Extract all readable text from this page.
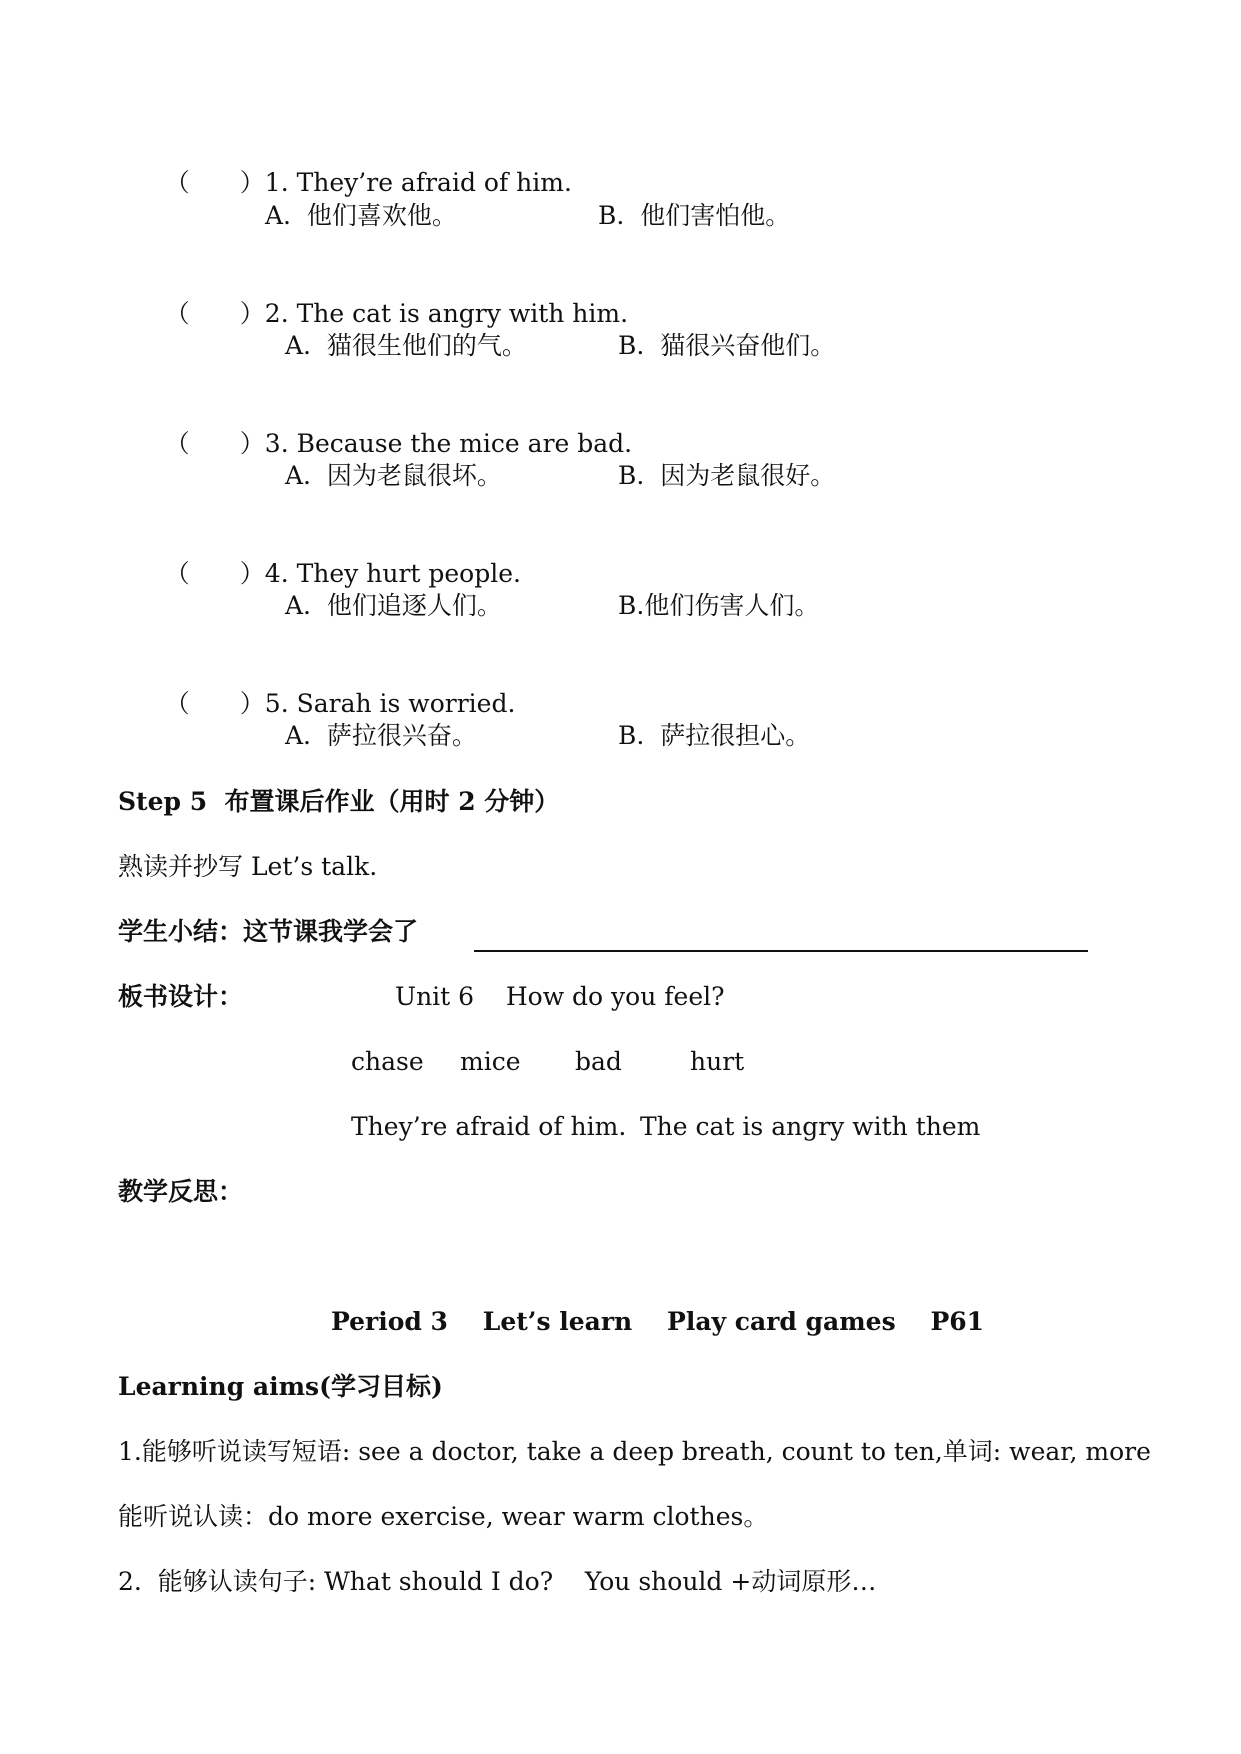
（　　）1. They’re afraid of him.

A.  他们喜欢他。	B.  他们害怕他。

（　　）2. The cat is angry with him.

A.  猫很生他们的气。	B.  猫很兴奋他们。

（　　）3. Because the mice are bad.

A.  因为老鼠很坏。	B.  因为老鼠很好。

（　　）4. They hurt people.

A.  他们追逐人们。	B.他们伤害人们。

（　　）5. Sarah is worried.

A.  萨拉很兴奋。	B.  萨拉很担心。
Step 5  布置课后作业（用时 2 分钟）
熟读并抄写 Let’s talk.
学生小结：这节课我学会了
板书设计：	Unit 6    How do you feel?
chase mice bad	hurt
They’re afraid of him. The cat is angry with them
教学反思：
Period 3    Let’s learn    Play card games    P61
Learning aims(学习目标)
1.能够听说读写短语: see a doctor, take a deep breath, count to ten,单词: wear, more
能听说认读：do more exercise, wear warm clothes。
2.  能够认读句子: What should I do?    You should +动词原形…
